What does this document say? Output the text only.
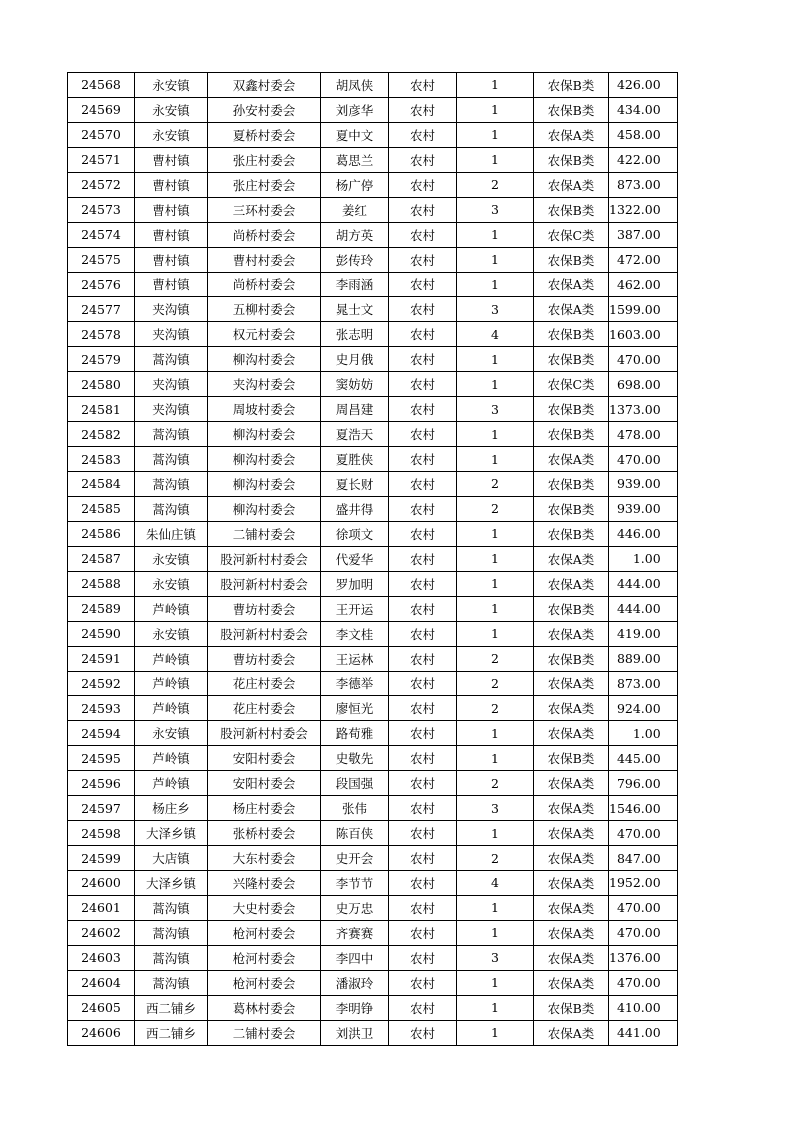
24568	永安镇	双鑫村委会	胡凤侠	农村	1	农保B类	426.00
24569	永安镇	孙安村委会	刘彦华	农村	1	农保B类	434.00
24570	永安镇	夏桥村委会	夏中文	农村	1	农保A类	458.00
24571	曹村镇	张庄村委会	葛思兰	农村	1	农保B类	422.00
24572	曹村镇	张庄村委会	杨广停	农村	2	农保A类	873.00
24573	曹村镇	三环村委会	姜红	农村	3	农保B类	1322.00
24574	曹村镇	尚桥村委会	胡方英	农村	1	农保C类	387.00
24575	曹村镇	曹村村委会	彭传玲	农村	1	农保B类	472.00
24576	曹村镇	尚桥村委会	李雨涵	农村	1	农保A类	462.00
24577	夹沟镇	五柳村委会	晁士文	农村	3	农保A类	1599.00
24578	夹沟镇	权元村委会	张志明	农村	4	农保B类	1603.00
24579	蒿沟镇	柳沟村委会	史月俄	农村	1	农保B类	470.00
24580	夹沟镇	夹沟村委会	窦妨妨	农村	1	农保C类	698.00
24581	夹沟镇	周坡村委会	周昌建	农村	3	农保B类	1373.00
24582	蒿沟镇	柳沟村委会	夏浩天	农村	1	农保B类	478.00
24583	蒿沟镇	柳沟村委会	夏胜侠	农村	1	农保A类	470.00
24584	蒿沟镇	柳沟村委会	夏长财	农村	2	农保B类	939.00
24585	蒿沟镇	柳沟村委会	盛井得	农村	2	农保B类	939.00
24586	朱仙庄镇	二铺村委会	徐项文	农村	1	农保B类	446.00
24587	永安镇	股河新村村委会	代爱华	农村	1	农保A类	1.00
24588	永安镇	股河新村村委会	罗加明	农村	1	农保A类	444.00
24589	芦岭镇	曹坊村委会	王开运	农村	1	农保B类	444.00
24590	永安镇	股河新村村委会	李文桂	农村	1	农保A类	419.00
24591	芦岭镇	曹坊村委会	王运林	农村	2	农保B类	889.00
24592	芦岭镇	花庄村委会	李德举	农村	2	农保A类	873.00
24593	芦岭镇	花庄村委会	廖恒光	农村	2	农保A类	924.00
24594	永安镇	股河新村村委会	路荀雅	农村	1	农保A类	1.00
24595	芦岭镇	安阳村委会	史敬先	农村	1	农保B类	445.00
24596	芦岭镇	安阳村委会	段国强	农村	2	农保A类	796.00
24597	杨庄乡	杨庄村委会	张伟	农村	3	农保A类	1546.00
24598	大泽乡镇	张桥村委会	陈百侠	农村	1	农保A类	470.00
24599	大店镇	大东村委会	史开会	农村	2	农保A类	847.00
24600	大泽乡镇	兴隆村委会	李节节	农村	4	农保A类	1952.00
24601	蒿沟镇	大史村委会	史万忠	农村	1	农保A类	470.00
24602	蒿沟镇	枪河村委会	齐赛赛	农村	1	农保A类	470.00
24603	蒿沟镇	枪河村委会	李四中	农村	3	农保A类	1376.00
24604	蒿沟镇	枪河村委会	潘淑玲	农村	1	农保A类	470.00
24605	西二铺乡	葛林村委会	李明铮	农村	1	农保B类	410.00
24606	西二铺乡	二铺村委会	刘洪卫	农村	1	农保A类	441.00
